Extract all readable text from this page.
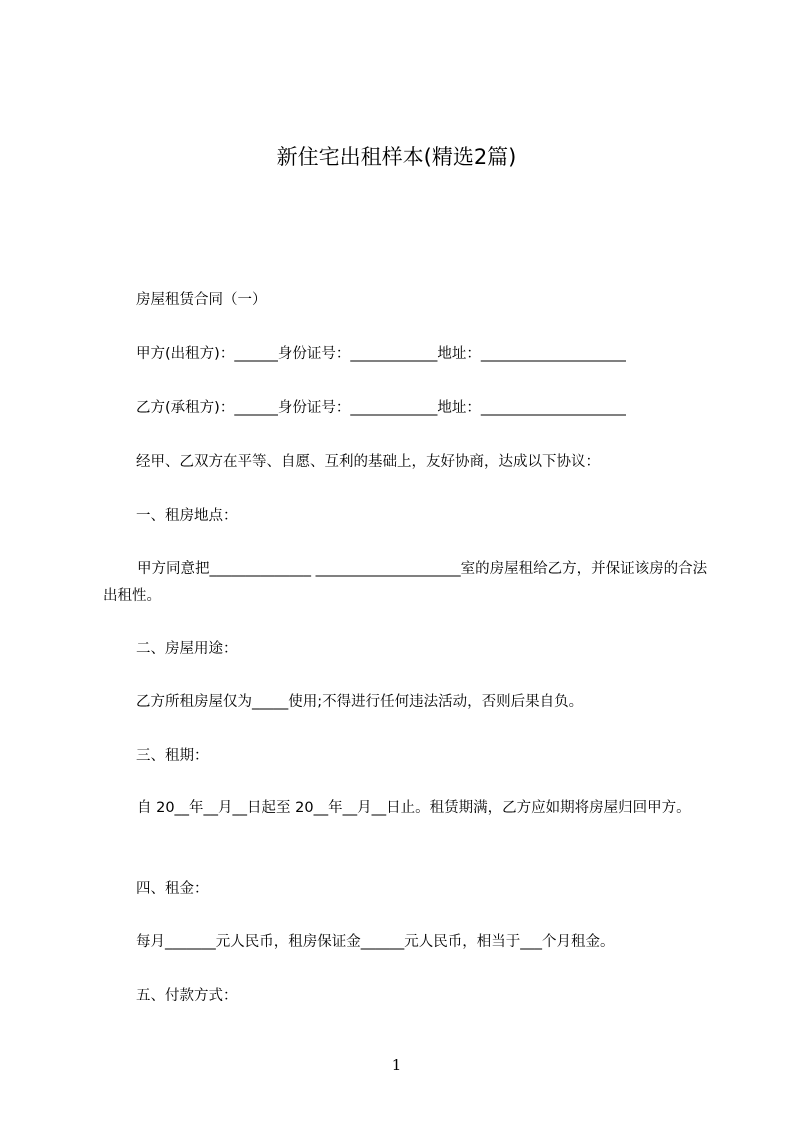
新住宅出租样本(精选2篇)
房屋租赁合同（一）
甲方(出租方)：______身份证号：____________地址：____________________
乙方(承租方)：______身份证号：____________地址：____________________
经甲、乙双方在平等、自愿、互利的基础上，友好协商，达成以下协议：
一、租房地点：
甲方同意把______________ ____________________室的房屋租给乙方，并保证该房的合法出租性。
二、房屋用途：
乙方所租房屋仅为_____使用;不得进行任何违法活动，否则后果自负。
三、租期：
自 20__年__月__日起至 20__年__月__日止。租赁期满，乙方应如期将房屋归回甲方。
四、租金：
每月_______元人民币，租房保证金______元人民币，相当于___个月租金。
五、付款方式：
1
